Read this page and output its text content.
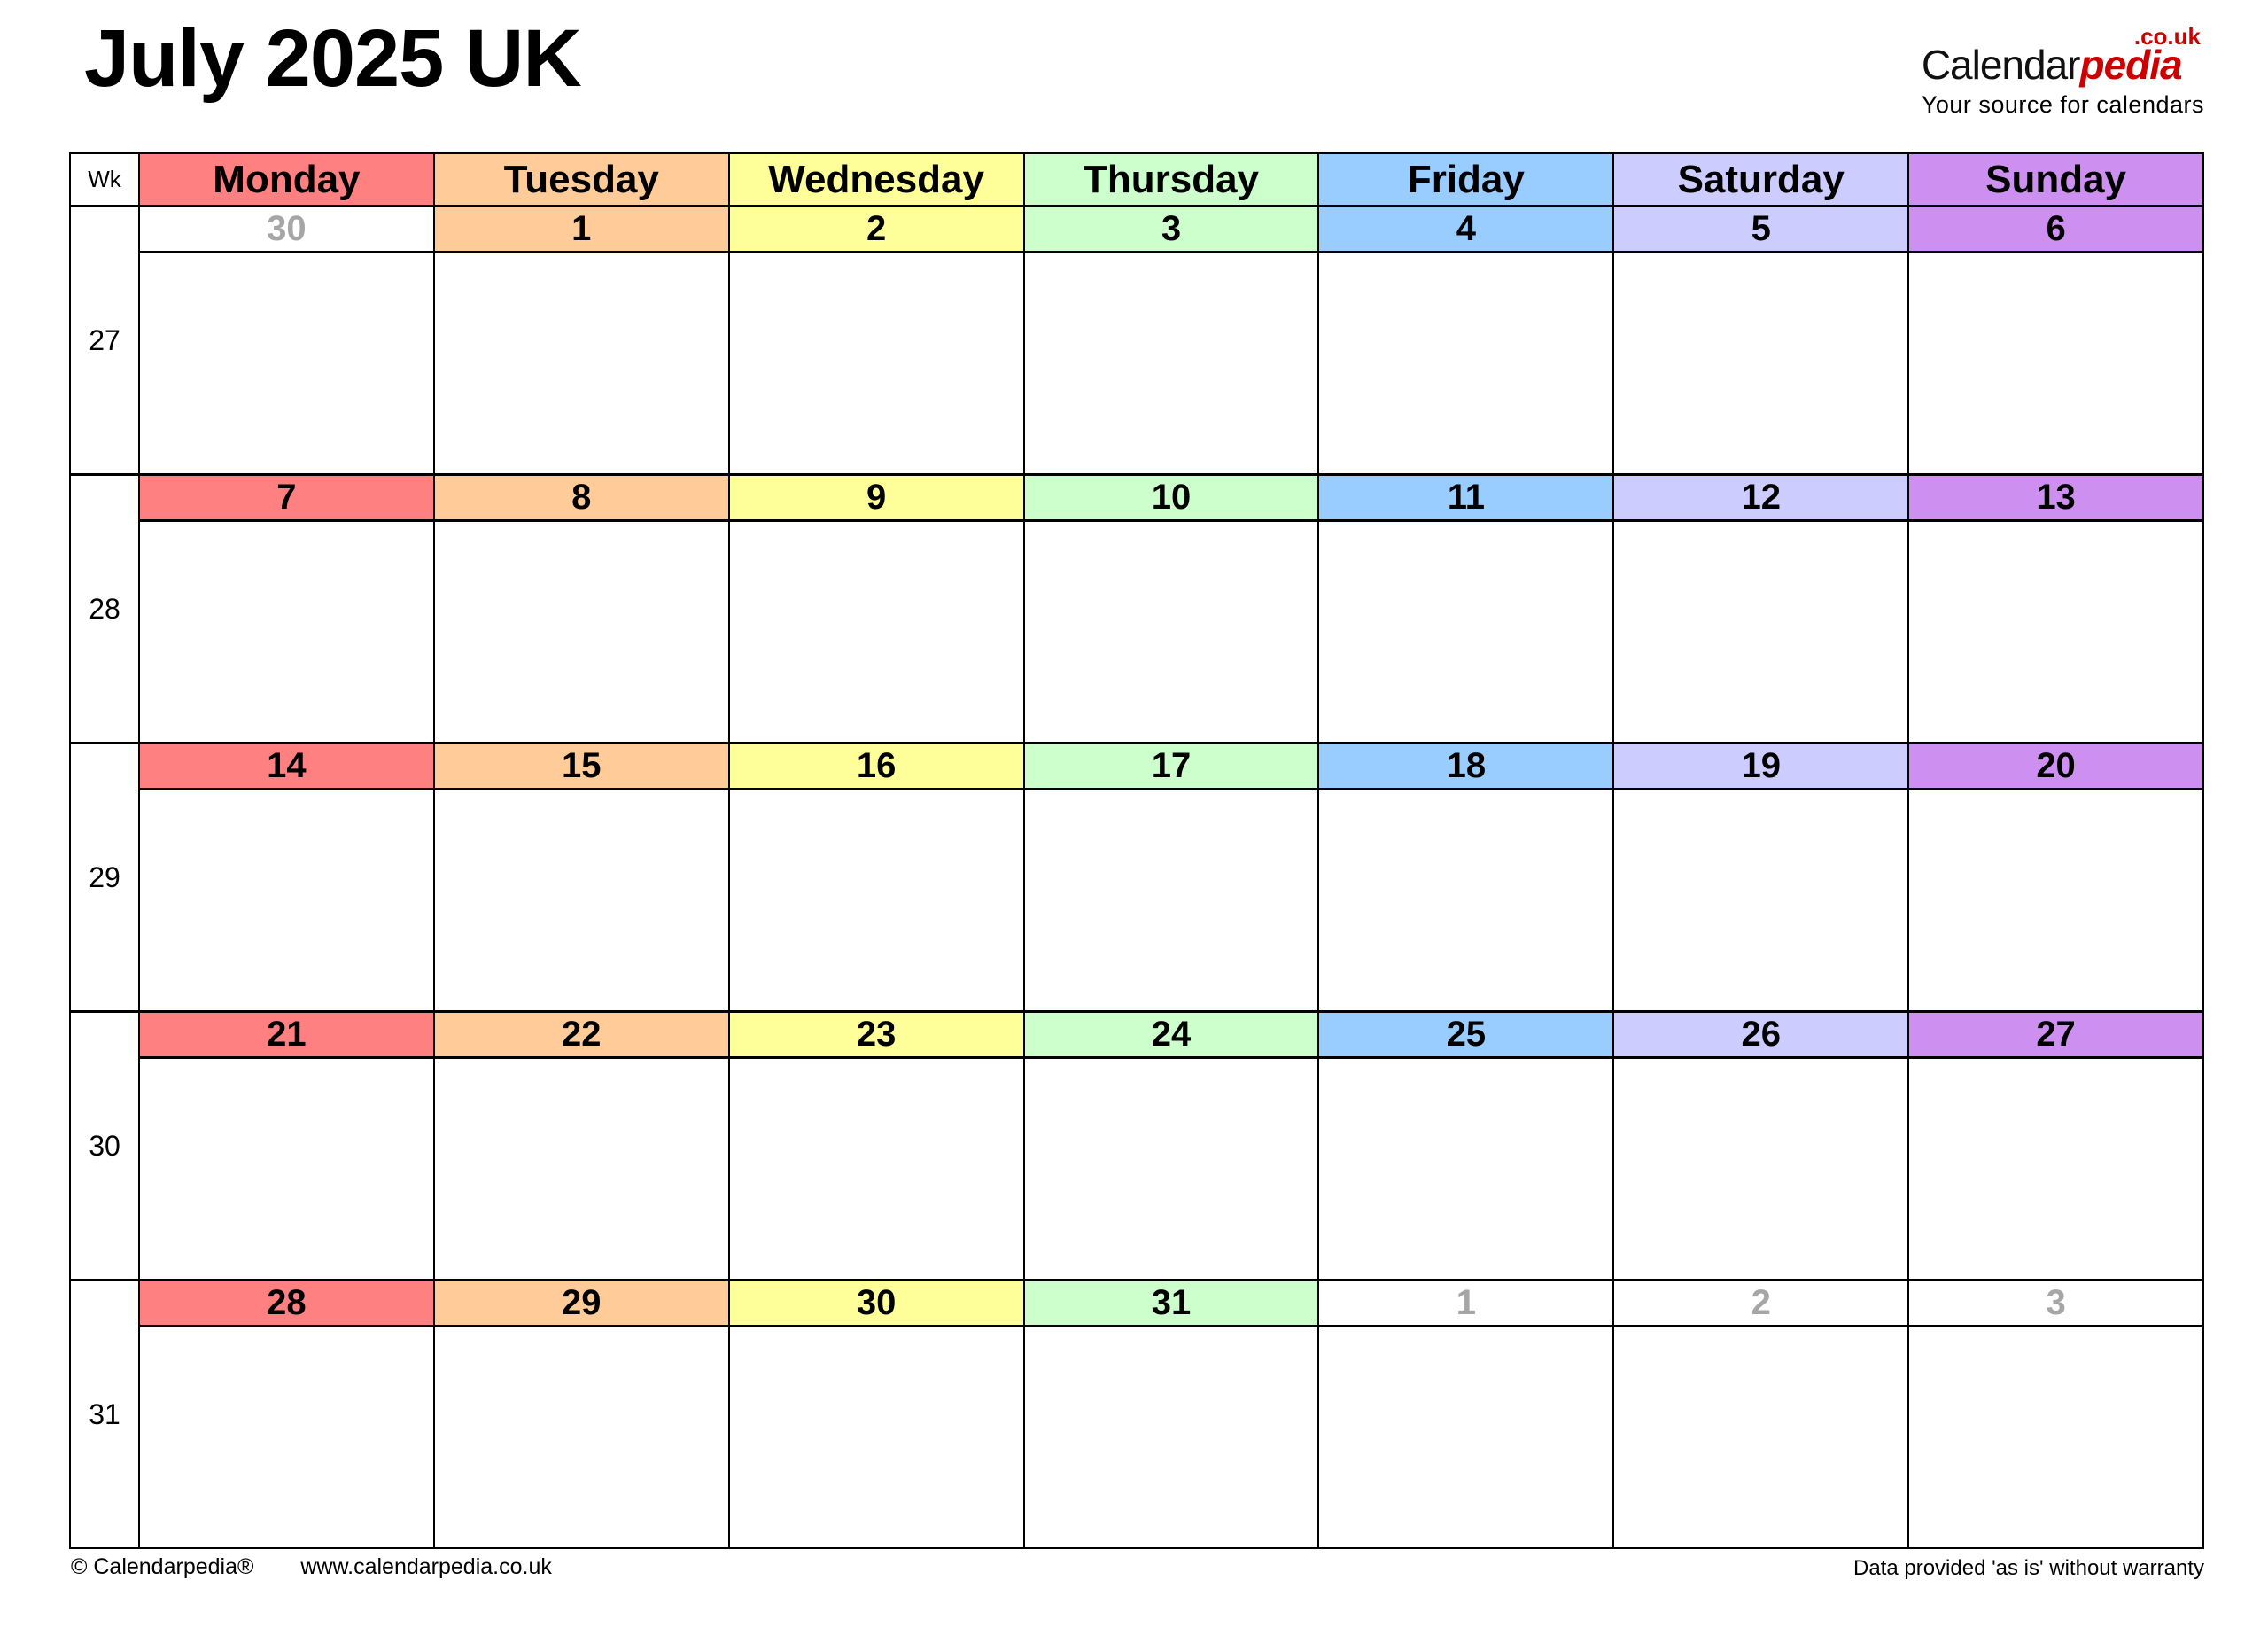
July 2025 UK	.co.uk
Calendarpedia
Your source for calendars
Wk Monday	Tuesday	Wednesday	Thursday	Friday	Saturday	Sunday
27
30	1	2	3	4	5	6
28
7	8	9	10	11	12	13
29
14	15	16	17	18	19	20
30
21	22	23	24	25	26	27
31
28	29	30	31	1	2	3
© Calendarpedia® www.calendarpedia.co.uk	Data provided 'as is' without warranty
